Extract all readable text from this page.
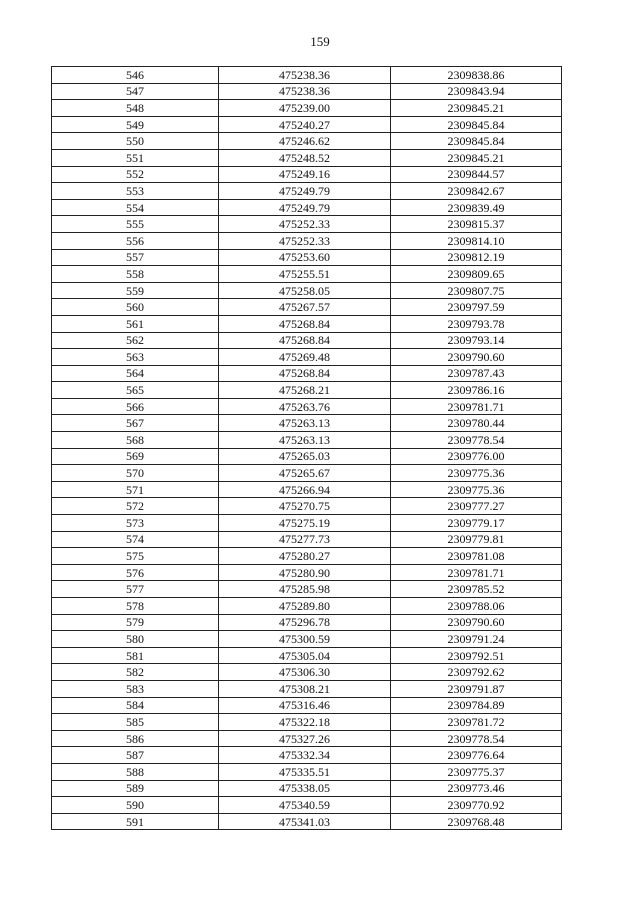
159
546	475238.36	2309838.86
547	475238.36	2309843.94
548	475239.00	2309845.21
549	475240.27	2309845.84
550	475246.62	2309845.84
551	475248.52	2309845.21
552	475249.16	2309844.57
553	475249.79	2309842.67
554	475249.79	2309839.49
555	475252.33	2309815.37
556	475252.33	2309814.10
557	475253.60	2309812.19
558	475255.51	2309809.65
559	475258.05	2309807.75
560	475267.57	2309797.59
561	475268.84	2309793.78
562	475268.84	2309793.14
563	475269.48	2309790.60
564	475268.84	2309787.43
565	475268.21	2309786.16
566	475263.76	2309781.71
567	475263.13	2309780.44
568	475263.13	2309778.54
569	475265.03	2309776.00
570	475265.67	2309775.36
571	475266.94	2309775.36
572	475270.75	2309777.27
573	475275.19	2309779.17
574	475277.73	2309779.81
575	475280.27	2309781.08
576	475280.90	2309781.71
577	475285.98	2309785.52
578	475289.80	2309788.06
579	475296.78	2309790.60
580	475300.59	2309791.24
581	475305.04	2309792.51
582	475306.30	2309792.62
583	475308.21	2309791.87
584	475316.46	2309784.89
585	475322.18	2309781.72
586	475327.26	2309778.54
587	475332.34	2309776.64
588	475335.51	2309775.37
589	475338.05	2309773.46
590	475340.59	2309770.92
591	475341.03	2309768.48
